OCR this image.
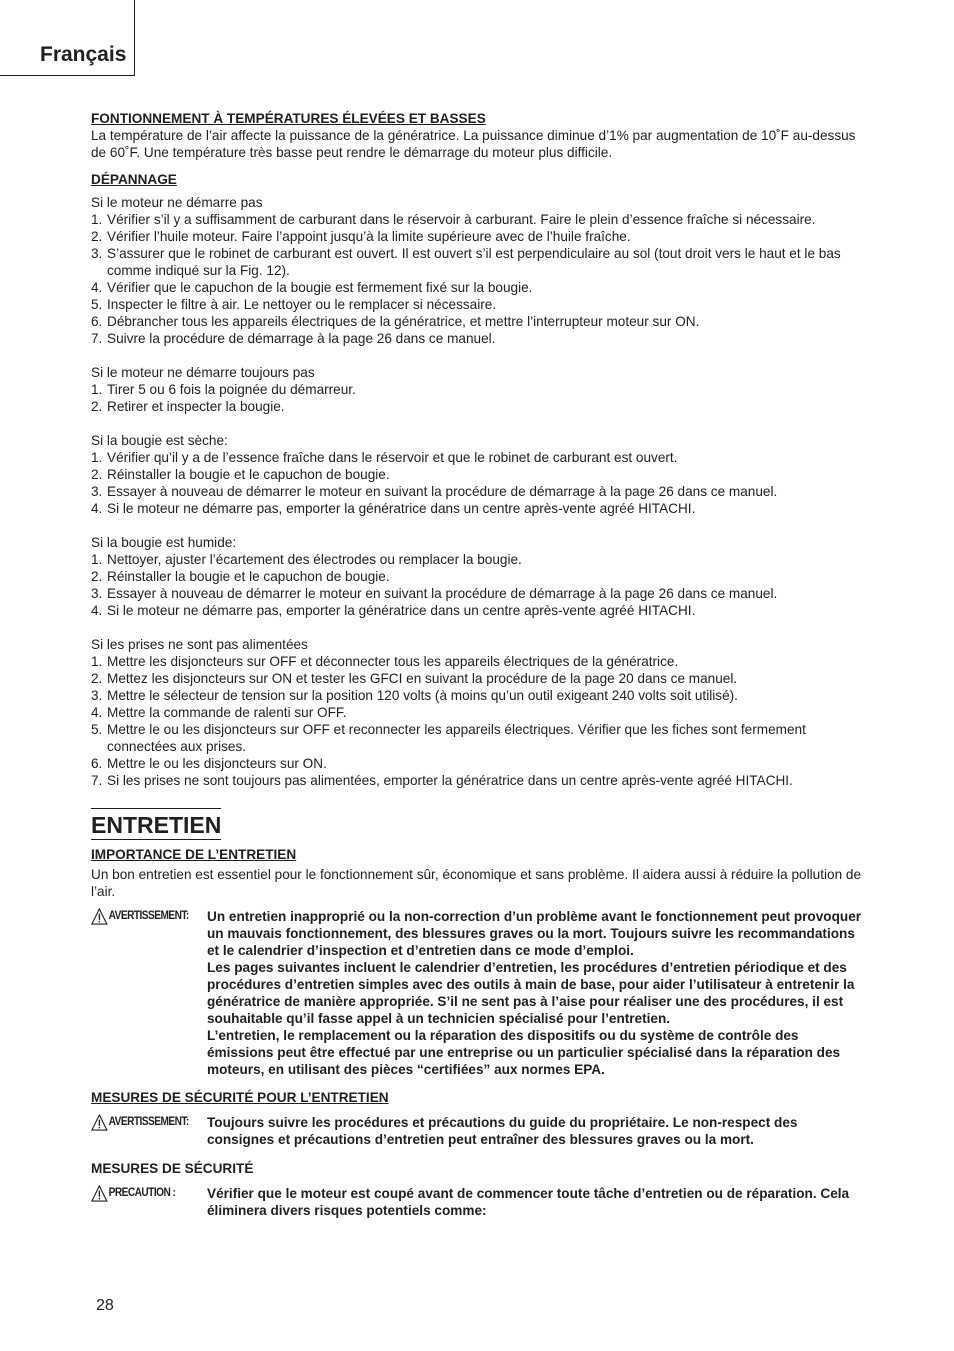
Français
FONTIONNEMENT À TEMPÉRATURES ÉLEVÉES ET BASSES

La température de l’air affecte la puissance de la génératrice. La puissance diminue d’1% par augmentation de 10˚F au-dessus de 60˚F. Une température très basse peut rendre le démarrage du moteur plus difficile.

DÉPANNAGE

Si le moteur ne démarre pas

1. Vérifier s’il y a suffisamment de carburant dans le réservoir à carburant. Faire le plein d’essence fraîche si nécessaire.
2. Vérifier l’huile moteur. Faire l’appoint jusqu’à la limite supérieure avec de l’huile fraîche.
3. S’assurer que le robinet de carburant est ouvert. Il est ouvert s’il est perpendiculaire au sol (tout droit vers le haut et le bas comme indiqué sur la Fig. 12).
4. Vérifier que le capuchon de la bougie est fermement fixé sur la bougie.
5. Inspecter le filtre à air. Le nettoyer ou le remplacer si nécessaire.
6. Débrancher tous les appareils électriques de la génératrice, et mettre l’interrupteur moteur sur ON.
7. Suivre la procédure de démarrage à la page 26 dans ce manuel.

Si le moteur ne démarre toujours pas

1. Tirer 5 ou 6 fois la poignée du démarreur.
2. Retirer et inspecter la bougie.

Si la bougie est sèche:

1. Vérifier qu’il y a de l’essence fraîche dans le réservoir et que le robinet de carburant est ouvert.
2. Réinstaller la bougie et le capuchon de bougie.
3. Essayer à nouveau de démarrer le moteur en suivant la procédure de démarrage à la page 26 dans ce manuel.
4. Si le moteur ne démarre pas, emporter la génératrice dans un centre après-vente agréé HITACHI.

Si la bougie est humide:

1. Nettoyer, ajuster l’écartement des électrodes ou remplacer la bougie.
2. Réinstaller la bougie et le capuchon de bougie.
3. Essayer à nouveau de démarrer le moteur en suivant la procédure de démarrage à la page 26 dans ce manuel.
4. Si le moteur ne démarre pas, emporter la génératrice dans un centre après-vente agréé HITACHI.

Si les prises ne sont pas alimentées

1. Mettre les disjoncteurs sur OFF et déconnecter tous les appareils électriques de la génératrice.
2. Mettez les disjoncteurs sur ON et tester les GFCI en suivant la procédure de la page 20 dans ce manuel.
3. Mettre le sélecteur de tension sur la position 120 volts (à moins qu’un outil exigeant 240 volts soit utilisé).
4. Mettre la commande de ralenti sur OFF.
5. Mettre le ou les disjoncteurs sur OFF et reconnecter les appareils électriques. Vérifier que les fiches sont fermement connectées aux prises.
6. Mettre le ou les disjoncteurs sur ON.
7. Si les prises ne sont toujours pas alimentées, emporter la génératrice dans un centre après-vente agréé HITACHI.
ENTRETIEN
IMPORTANCE DE L’ENTRETIEN

Un bon entretien est essentiel pour le fonctionnement sûr, économique et sans problème. Il aidera aussi à réduire la pollution de l’air.

AVERTISSEMENT: Un entretien inapproprié ou la non-correction d’un problème avant le fonctionnement peut provoquer un mauvais fonctionnement, des blessures graves ou la mort. Toujours suivre les recommandations et le calendrier d’inspection et d’entretien dans ce mode d’emploi.

Les pages suivantes incluent le calendrier d’entretien, les procédures d’entretien périodique et des procédures d’entretien simples avec des outils à main de base, pour aider l’utilisateur à entretenir la génératrice de manière appropriée. S’il ne sent pas à l’aise pour réaliser une des procédures, il est souhaitable qu’il fasse appel à un technicien spécialisé pour l’entretien.

L’entretien, le remplacement ou la réparation des dispositifs ou du système de contrôle des émissions peut être effectué par une entreprise ou un particulier spécialisé dans la réparation des moteurs, en utilisant des pièces “certifiées” aux normes EPA.

MESURES DE SÉCURITÉ POUR L’ENTRETIEN
AVERTISSEMENT: Toujours suivre les procédures et précautions du guide du propriétaire. Le non-respect des consignes et précautions d’entretien peut entraîner des blessures graves ou la mort.
MESURES DE SÉCURITÉ
PRECAUTION : Vérifier que le moteur est coupé avant de commencer toute tâche d’entretien ou de réparation. Cela éliminera divers risques potentiels comme:
28
